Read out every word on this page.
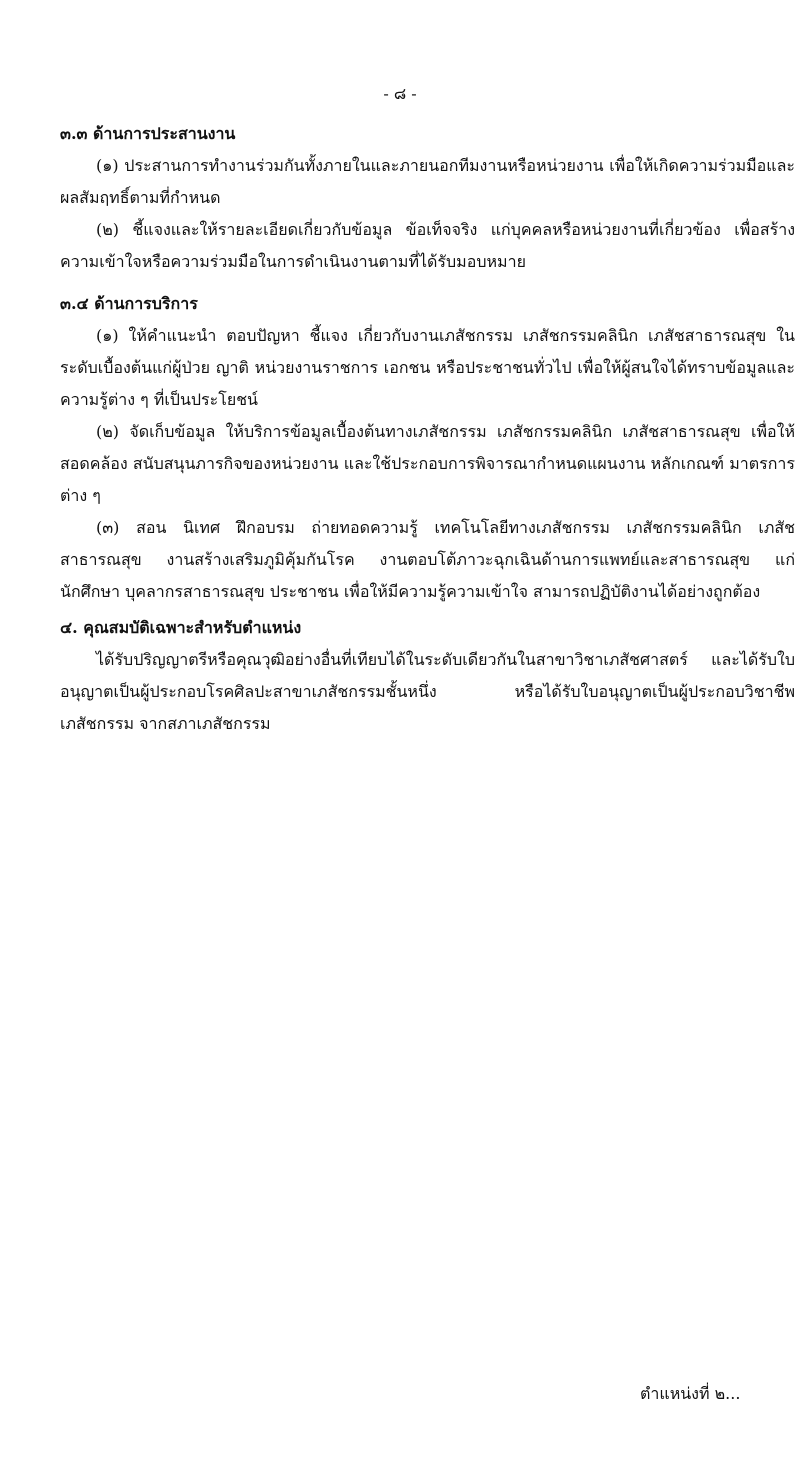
- ๘ -

๓.๓ ด้านการประสานงาน

(๑) ประสานการทำงานร่วมกันทั้งภายในและภายนอกทีมงานหรือหน่วยงาน เพื่อให้เกิดความร่วมมือและผลสัมฤทธิ์ตามที่กำหนด

(๒) ชี้แจงและให้รายละเอียดเกี่ยวกับข้อมูล ข้อเท็จจริง แก่บุคคลหรือหน่วยงานที่เกี่ยวข้อง เพื่อสร้างความเข้าใจหรือความร่วมมือในการดำเนินงานตามที่ได้รับมอบหมาย

๓.๔ ด้านการบริการ

(๑) ให้คำแนะนำ ตอบปัญหา ชี้แจง เกี่ยวกับงานเภสัชกรรม เภสัชกรรมคลินิก เภสัชสาธารณสุข ในระดับเบื้องต้นแก่ผู้ป่วย ญาติ หน่วยงานราชการ เอกชน หรือประชาชนทั่วไป เพื่อให้ผู้สนใจได้ทราบข้อมูลและความรู้ต่าง ๆ ที่เป็นประโยชน์

(๒) จัดเก็บข้อมูล ให้บริการข้อมูลเบื้องต้นทางเภสัชกรรม เภสัชกรรมคลินิก เภสัชสาธารณสุข เพื่อให้สอดคล้อง สนับสนุนภารกิจของหน่วยงาน และใช้ประกอบการพิจารณากำหนดแผนงาน หลักเกณฑ์ มาตรการต่าง ๆ

(๓) สอน นิเทศ ฝึกอบรม ถ่ายทอดความรู้ เทคโนโลยีทางเภสัชกรรม เภสัชกรรมคลินิก เภสัชสาธารณสุข งานสร้างเสริมภูมิคุ้มกันโรค งานตอบโต้ภาวะฉุกเฉินด้านการแพทย์และสาธารณสุข แก่นักศึกษา บุคลากรสาธารณสุข ประชาชน เพื่อให้มีความรู้ความเข้าใจ สามารถปฏิบัติงานได้อย่างถูกต้อง

๔. คุณสมบัติเฉพาะสำหรับตำแหน่ง

ได้รับปริญญาตรีหรือคุณวุฒิอย่างอื่นที่เทียบได้ในระดับเดียวกันในสาขาวิชาเภสัชศาสตร์ และได้รับใบอนุญาตเป็นผู้ประกอบโรคศิลปะสาขาเภสัชกรรมชั้นหนึ่ง หรือได้รับใบอนุญาตเป็นผู้ประกอบวิชาชีพเภสัชกรรม จากสภาเภสัชกรรม

ตำแหน่งที่ ๒...
